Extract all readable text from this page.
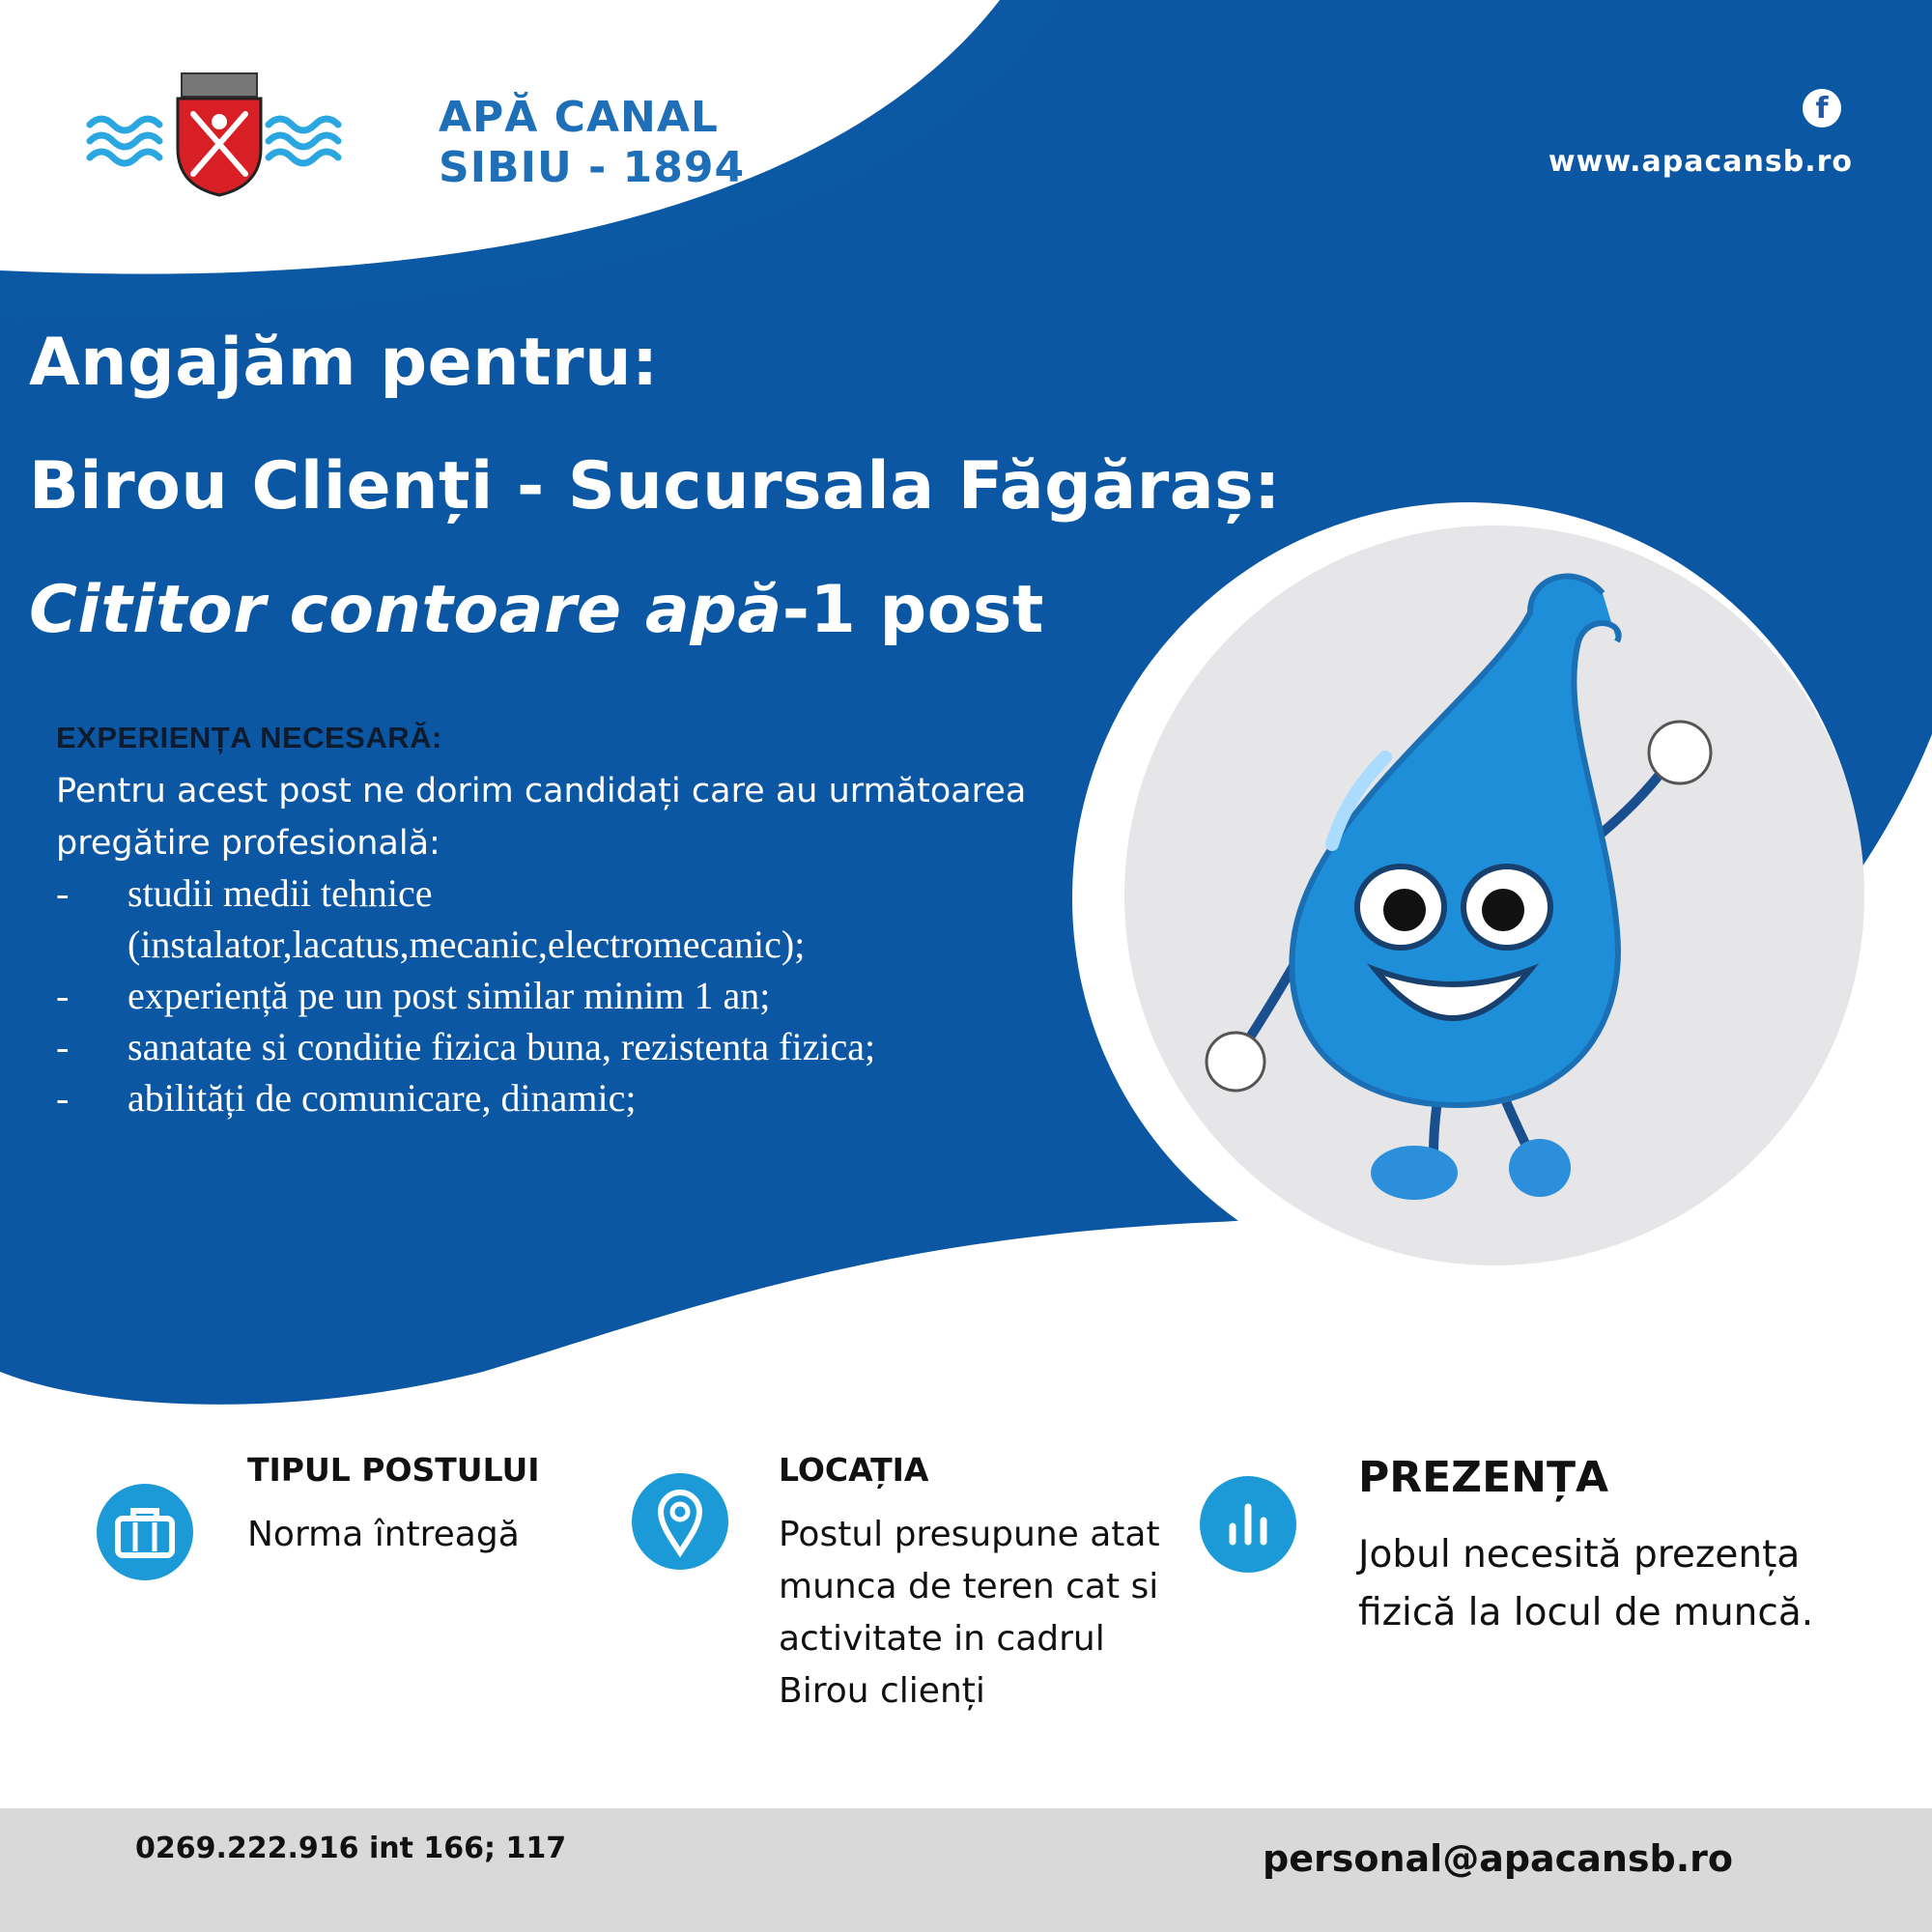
APĂ CANAL
SIBIU - 1894
f
www.apacansb.ro
Angajăm pentru:
Birou Clienți - Sucursala Făgăraș:
Cititor contoare apă-1 post
EXPERIENȚA NECESARĂ:
Pentru acest post ne dorim candidați care au următoarea pregătire profesională:
- studii medii tehnice (instalator,lacatus,mecanic,electromecanic);
- experiență pe un post similar minim 1 an;
- sanatate si conditie fizica buna, rezistenta fizica;
- abilități de comunicare, dinamic;
TIPUL POSTULUI
Norma întreagă
LOCAȚIA
Postul presupune atat munca de teren cat si activitate in cadrul Birou clienți
PREZENȚA
Jobul necesită prezența fizică la locul de muncă.
0269.222.916 int 166; 117	personal@apacansb.ro
